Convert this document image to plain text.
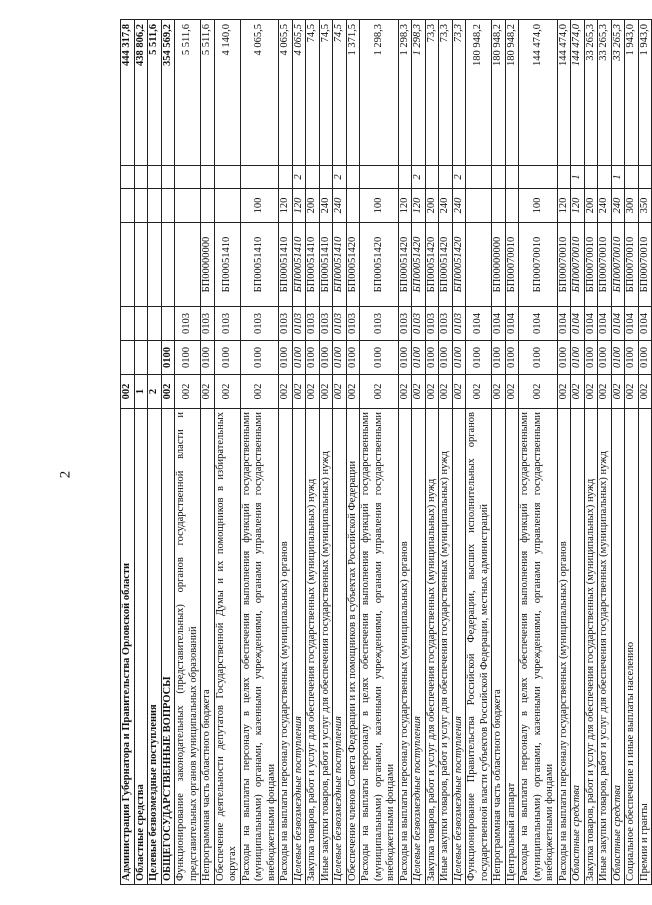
2
Администрация Губернатора и Правительства Орловской области	002						444 317,8
Областные средства	1						438 806,2
Целевые безвозмездные поступления	2						5 511,6
ОБЩЕГОСУДАРСТВЕННЫЕ ВОПРОСЫ	002	0100					354 569,2
Функционирование законодательных (представительных) органов государственной власти и представительных органов муниципальных образований	002	0100	0103				5 511,6
Непрограммная часть областного бюджета	002	0100	0103	БП00000000			5 511,6
Обеспечение деятельности депутатов Государственной Думы и их помощников в избирательных округах	002	0100	0103	БП00051410			4 140,0
Расходы на выплаты персоналу в целях обеспечения выполнения функций государственными (муниципальными) органами, казенными учреждениями, органами управления государственными внебюджетными фондами	002	0100	0103	БП00051410	100		4 065,5
Расходы на выплаты персоналу государственных (муниципальных) органов	002	0100	0103	БП00051410	120		4 065,5
Целевые безвозмездные поступления	002	0100	0103	БП00051410	120	2	4 065,5
Закупка товаров, работ и услуг для обеспечения государственных (муниципальных) нужд	002	0100	0103	БП00051410	200		74,5
Иные закупки товаров, работ и услуг для обеспечения государственных (муниципальных) нужд	002	0100	0103	БП00051410	240		74,5
Целевые безвозмездные поступления	002	0100	0103	БП00051410	240	2	74,5
Обеспечение членов Совета Федерации и их помощников в субъектах Российской Федерации	002	0100	0103	БП00051420			1 371,5
Расходы на выплаты персоналу в целях обеспечения выполнения функций государственными (муниципальными) органами, казенными учреждениями, органами управления государственными внебюджетными фондами	002	0100	0103	БП00051420	100		1 298,3
Расходы на выплаты персоналу государственных (муниципальных) органов	002	0100	0103	БП00051420	120		1 298,3
Целевые безвозмездные поступления	002	0100	0103	БП00051420	120	2	1 298,3
Закупка товаров, работ и услуг для обеспечения государственных (муниципальных) нужд	002	0100	0103	БП00051420	200		73,3
Иные закупки товаров, работ и услуг для обеспечения государственных (муниципальных) нужд	002	0100	0103	БП00051420	240		73,3
Целевые безвозмездные поступления	002	0100	0103	БП00051420	240	2	73,3
Функционирование Правительства Российской Федерации, высших исполнительных органов государственной власти субъектов Российской Федерации, местных администраций	002	0100	0104				180 948,2
Непрограммная часть областного бюджета	002	0100	0104	БП00000000			180 948,2
Центральный аппарат	002	0100	0104	БП00070010			180 948,2
Расходы на выплаты персоналу в целях обеспечения выполнения функций государственными (муниципальными) органами, казенными учреждениями, органами управления государственными внебюджетными фондами	002	0100	0104	БП00070010	100		144 474,0
Расходы на выплаты персоналу государственных (муниципальных) органов	002	0100	0104	БП00070010	120		144 474,0
Областные средства	002	0100	0104	БП00070010	120	1	144 474,0
Закупка товаров, работ и услуг для обеспечения государственных (муниципальных) нужд	002	0100	0104	БП00070010	200		33 265,3
Иные закупки товаров, работ и услуг для обеспечения государственных (муниципальных) нужд	002	0100	0104	БП00070010	240		33 265,3
Областные средства	002	0100	0104	БП00070010	240	1	33 265,3
Социальное обеспечение и иные выплаты населению	002	0100	0104	БП00070010	300		1 943,0
Премии и гранты	002	0100	0104	БП00070010	350		1 943,0
